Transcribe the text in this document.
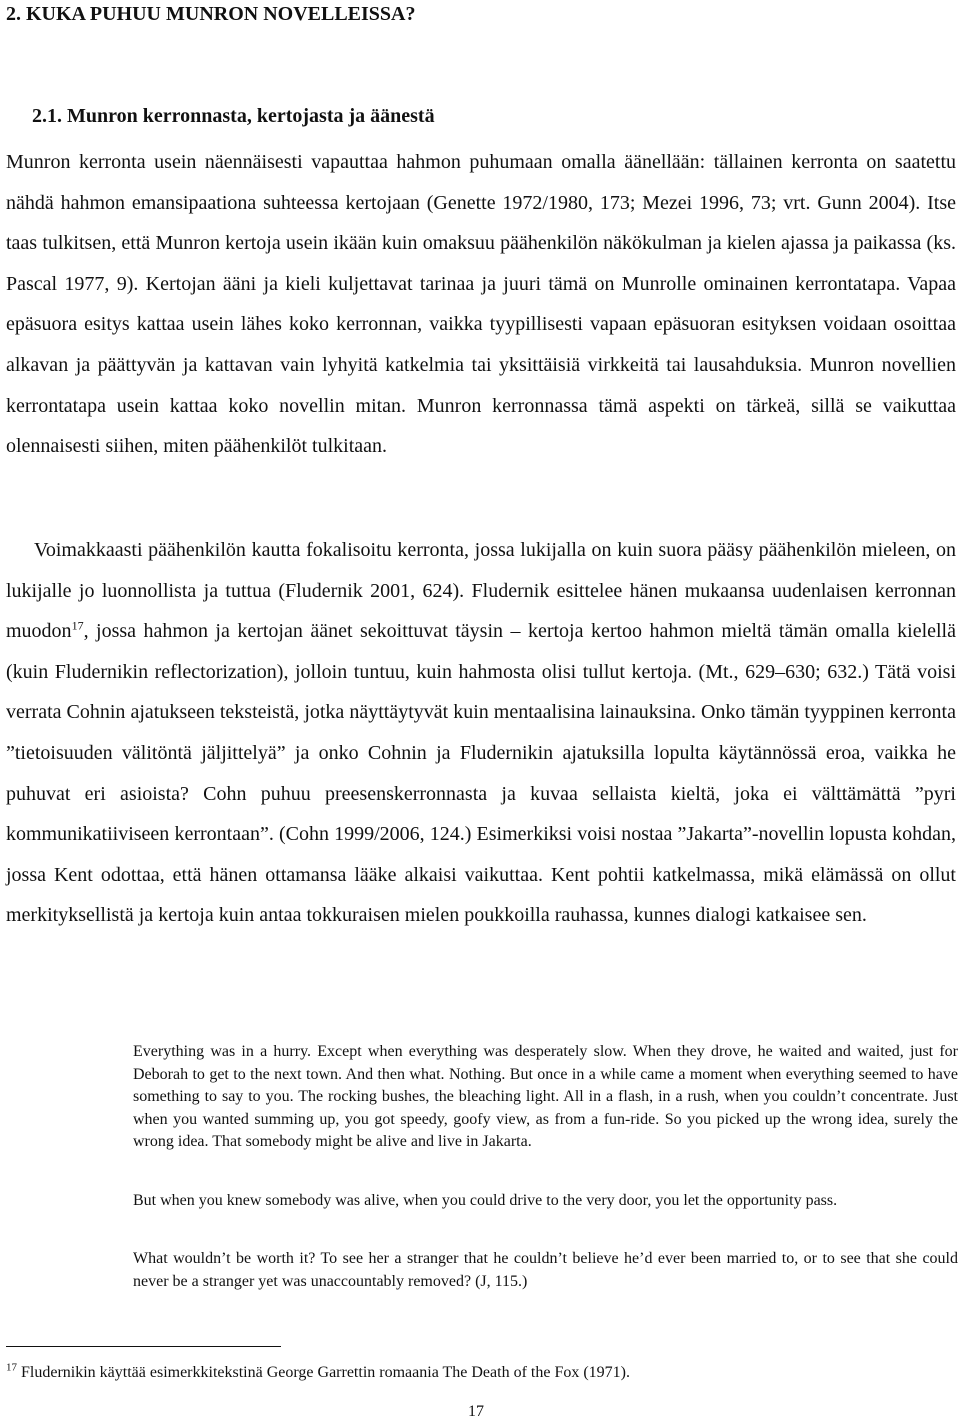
2. KUKA PUHUU MUNRON NOVELLEISSA?
2.1. Munron kerronnasta, kertojasta ja äänestä

Munron kerronta usein näennäisesti vapauttaa hahmon puhumaan omalla äänellään: tällainen kerronta on saatettu nähdä hahmon emansipaationa suhteessa kertojaan (Genette 1972/1980, 173; Mezei 1996, 73; vrt. Gunn 2004). Itse taas tulkitsen, että Munron kertoja usein ikään kuin omaksuu päähenkilön näkökulman ja kielen ajassa ja paikassa (ks. Pascal 1977, 9). Kertojan ääni ja kieli kuljettavat tarinaa ja juuri tämä on Munrolle ominainen kerrontatapa. Vapaa epäsuora esitys kattaa usein lähes koko kerronnan, vaikka tyypillisesti vapaan epäsuoran esityksen voidaan osoittaa alkavan ja päättyvän ja kattavan vain lyhyitä katkelmia tai yksittäisiä virkkeitä tai lausahduksia. Munron novellien kerrontatapa usein kattaa koko novellin mitan. Munron kerronnassa tämä aspekti on tärkeä, sillä se vaikuttaa olennaisesti siihen, miten päähenkilöt tulkitaan.

Voimakkaasti päähenkilön kautta fokalisoitu kerronta, jossa lukijalla on kuin suora pääsy päähenkilön mieleen, on lukijalle jo luonnollista ja tuttua (Fludernik 2001, 624). Fludernik esittelee hänen mukaansa uudenlaisen kerronnan muodon$^{17}$, jossa hahmon ja kertojan äänet sekoittuvat täysin – kertoja kertoo hahmon mieltä tämän omalla kielellä (kuin Fludernikin reflectorization), jolloin tuntuu, kuin hahmosta olisi tullut kertoja. (Mt., 629–630; 632.) Tätä voisi verrata Cohnin ajatukseen teksteistä, jotka näyttäytyvät kuin mentaalisina lainauksina. Onko tämän tyyppinen kerronta ”tietoisuuden välitöntä jäljittelyä” ja onko Cohnin ja Fludernikin ajatuksilla lopulta käytännössä eroa, vaikka he puhuvat eri asioista? Cohn puhuu preesenskerronnasta ja kuvaa sellaista kieltä, joka ei välttämättä ”pyri kommunikatiiviseen kerrontaan”. (Cohn 1999/2006, 124.) Esimerkiksi voisi nostaa ”Jakarta”-novellin lopusta kohdan, jossa Kent odottaa, että hänen ottamansa lääke alkaisi vaikuttaa. Kent pohtii katkelmassa, mikä elämässä on ollut merkityksellistä ja kertoja kuin antaa tokkuraisen mielen poukkoilla rauhassa, kunnes dialogi katkaisee sen.

Everything was in a hurry. Except when everything was desperately slow. When they drove, he waited and waited, just for Deborah to get to the next town. And then what. Nothing. But once in a while came a moment when everything seemed to have something to say to you. The rocking bushes, the bleaching light. All in a flash, in a rush, when you couldn’t concentrate. Just when you wanted summing up, you got speedy, goofy view, as from a fun-ride. So you picked up the wrong idea, surely the wrong idea. That somebody might be alive and live in Jakarta.

But when you knew somebody was alive, when you could drive to the very door, you let the opportunity pass.

What wouldn’t be worth it? To see her a stranger that he couldn’t believe he’d ever been married to, or to see that she could never be a stranger yet was unaccountably removed? (J, 115.)

$^{17}$ Fludernikin käyttää esimerkkitekstinä George Garrettin romaania The Death of the Fox (1971).

17
